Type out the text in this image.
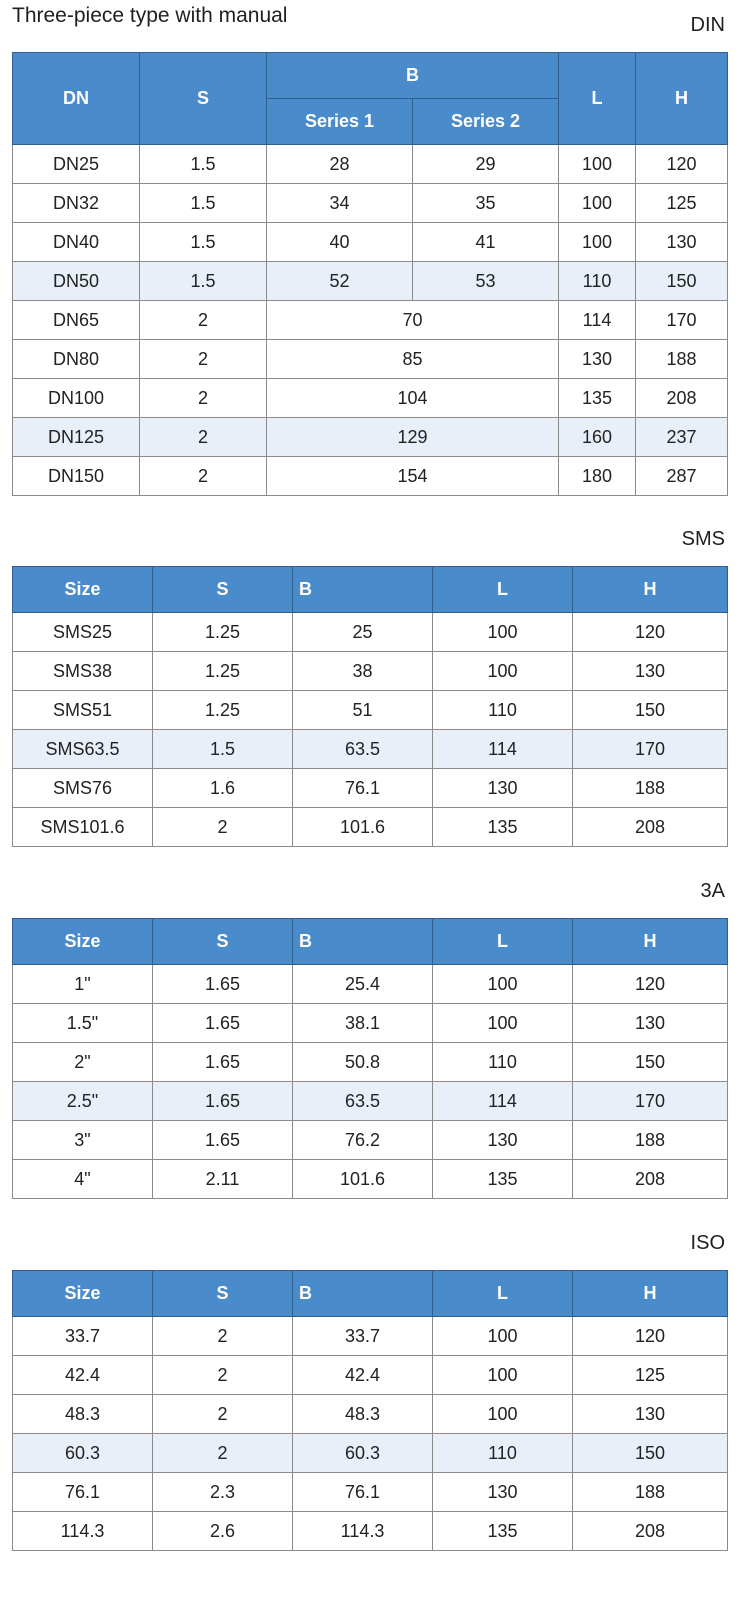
Three-piece type with manual	DIN
DN	S	B		L	H
		Series 1	Series 2		
DN25	1.5	28	29	100	120
DN32	1.5	34	35	100	125
DN40	1.5	40	41	100	130
DN50	1.5	52	53	110	150
DN65	2	70		114	170
DN80	2	85		130	188
DN100	2	104		135	208
DN125	2	129		160	237
DN150	2	154		180	287
SMS
Size	S	B	L	H
SMS25	1.25	25	100	120
SMS38	1.25	38	100	130
SMS51	1.25	51	110	150
SMS63.5	1.5	63.5	114	170
SMS76	1.6	76.1	130	188
SMS101.6	2	101.6	135	208
3A
Size	S	B	L	H
1"	1.65	25.4	100	120
1.5"	1.65	38.1	100	130
2"	1.65	50.8	110	150
2.5"	1.65	63.5	114	170
3"	1.65	76.2	130	188
4"	2.11	101.6	135	208
ISO
Size	S	B	L	H
33.7	2	33.7	100	120
42.4	2	42.4	100	125
48.3	2	48.3	100	130
60.3	2	60.3	110	150
76.1	2.3	76.1	130	188
114.3	2.6	114.3	135	208
